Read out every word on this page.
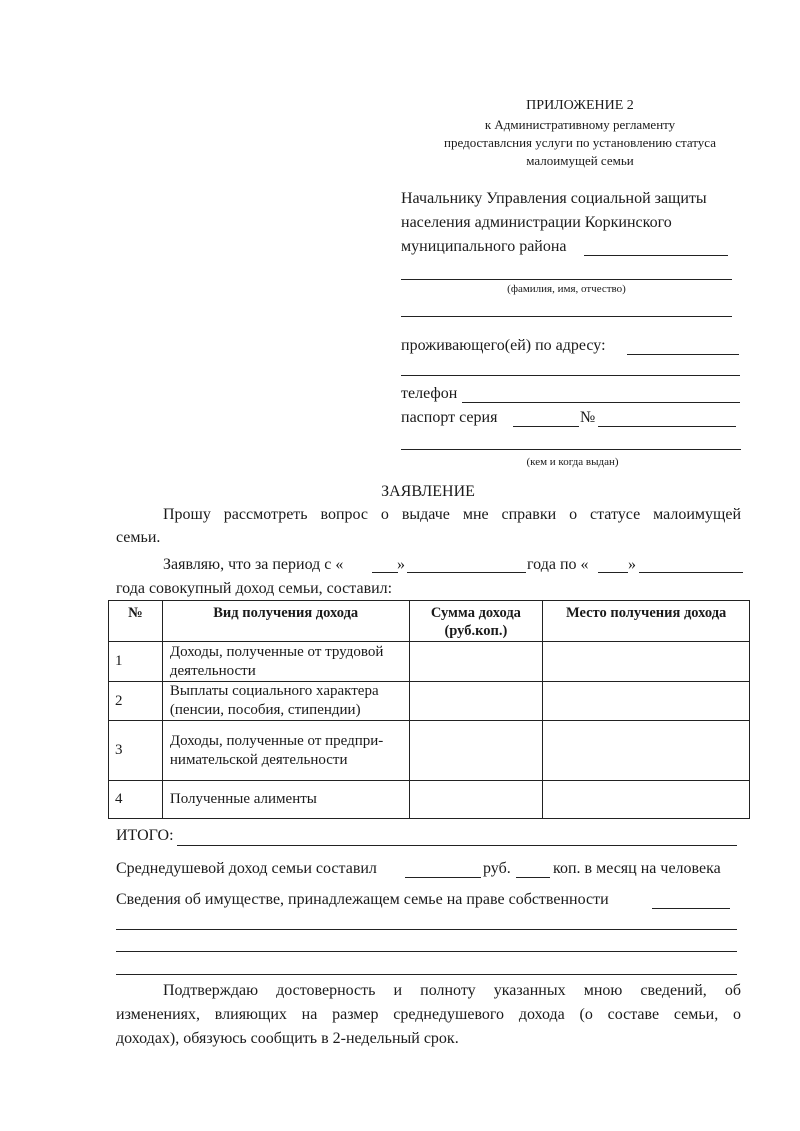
ПРИЛОЖЕНИЕ 2
к Административному регламенту
предоставлсния услуги по установлению статуса
малоимущей семьи
Начальнику Управления социальной защиты
населения администрации Коркинского
муниципального района
(фамилия, имя, отчество)
проживающего(ей) по адресу:
телефон
паспорт серия	№
(кем и когда выдан)
ЗАЯВЛЕНИЕ
Прошу рассмотреть вопрос о выдаче мне справки о статусе малоимущей
семьи.
Заявляю, что за период с «	»	года по « »
года совокупный доход семьи, составил:
№	Вид получения дохода	Сумма дохода (руб.коп.)	Место получения дохода
1	Доходы, полученные от трудовой деятельности		
2	Выплаты социального характера (пенсии, пособия, стипендии)		
3	Доходы, полученные от предпри-нимательской деятельности		
4	Полученные алименты		
ИТОГО:
Среднедушевой доход семьи составил	руб.	коп. в месяц на человека
Сведения об имуществе, принадлежащем семье на праве собственности
Подтверждаю достоверность и полноту указанных мною сведений, об
изменениях, влияющих на размер среднедушевого дохода (о составе семьи, о
доходах), обязуюсь сообщить в 2-недельный срок.
